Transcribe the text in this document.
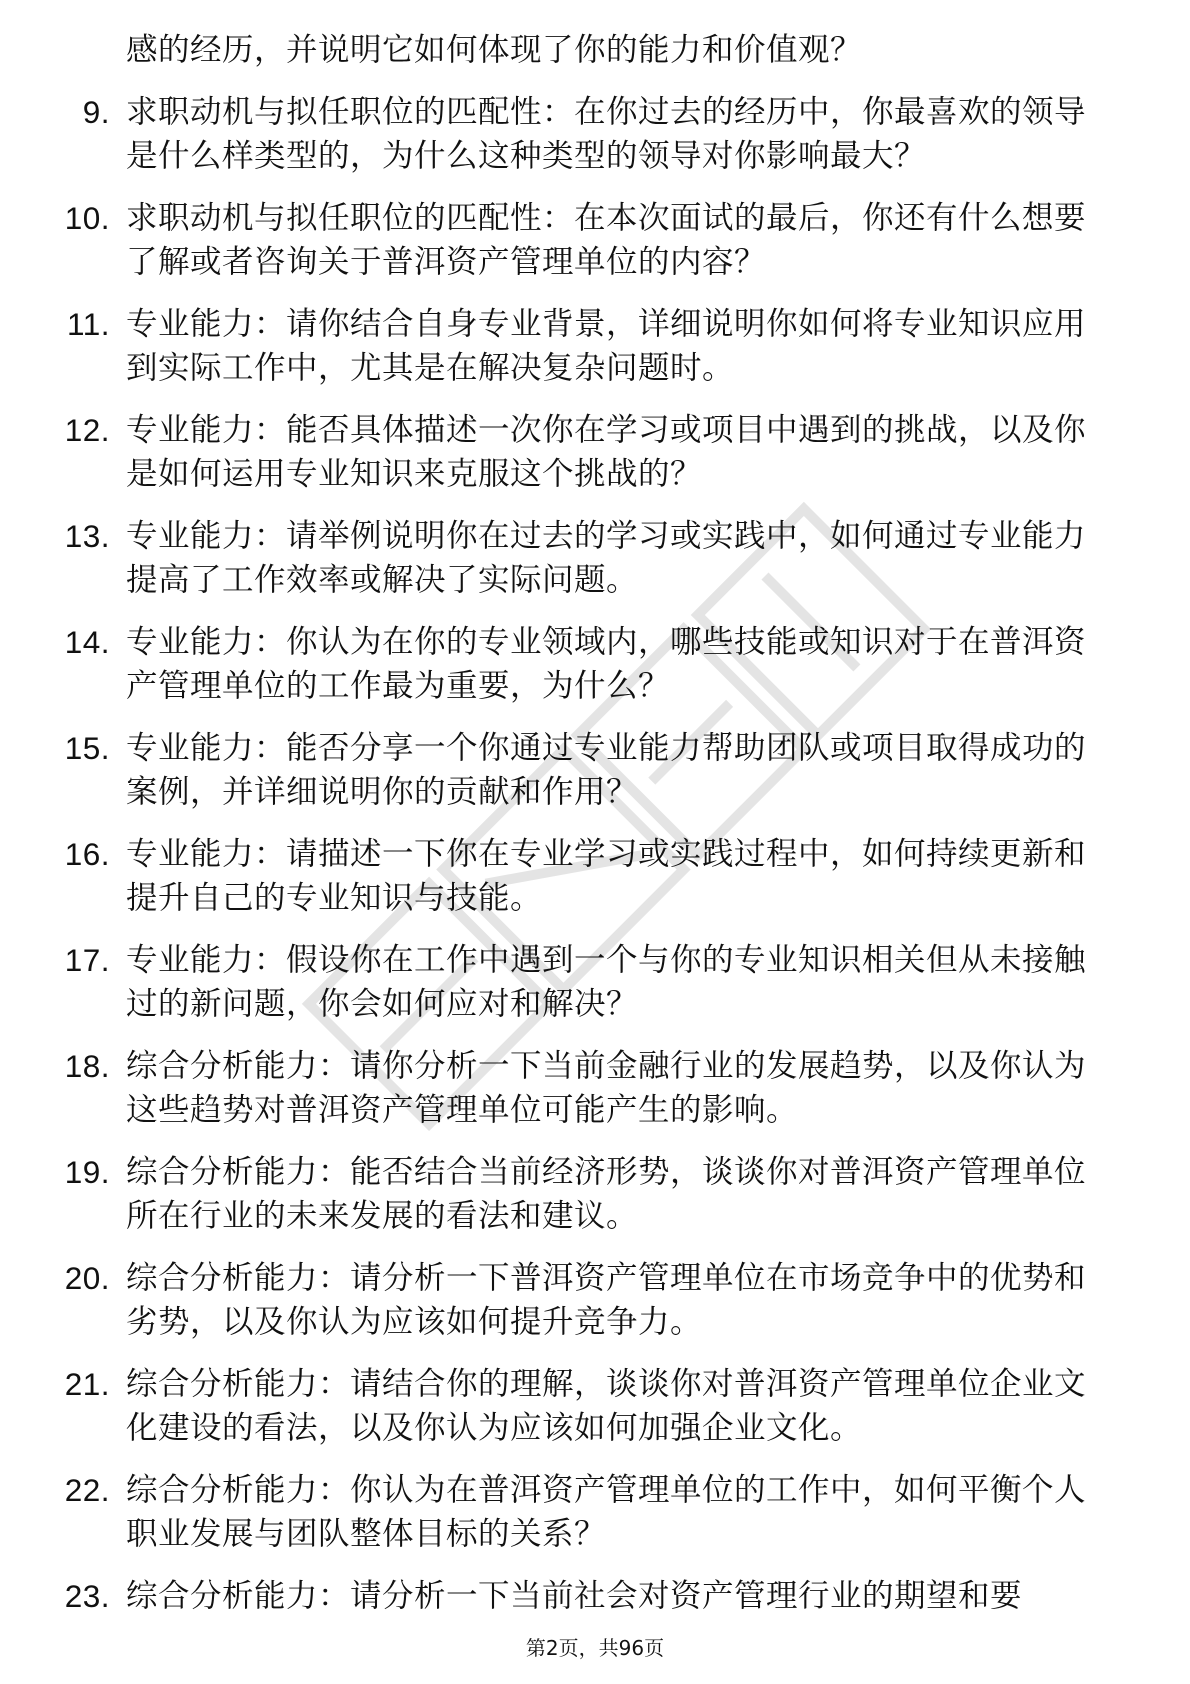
感的经历，并说明它如何体现了你的能力和价值观？
9. 求职动机与拟任职位的匹配性：在你过去的经历中，你最喜欢的领导是什么样类型的，为什么这种类型的领导对你影响最大？
10. 求职动机与拟任职位的匹配性：在本次面试的最后，你还有什么想要了解或者咨询关于普洱资产管理单位的内容？
11. 专业能力：请你结合自身专业背景，详细说明你如何将专业知识应用到实际工作中，尤其是在解决复杂问题时。
12. 专业能力：能否具体描述一次你在学习或项目中遇到的挑战，以及你是如何运用专业知识来克服这个挑战的？
13. 专业能力：请举例说明你在过去的学习或实践中，如何通过专业能力提高了工作效率或解决了实际问题。
14. 专业能力：你认为在你的专业领域内，哪些技能或知识对于在普洱资产管理单位的工作最为重要，为什么？
15. 专业能力：能否分享一个你通过专业能力帮助团队或项目取得成功的案例，并详细说明你的贡献和作用？
16. 专业能力：请描述一下你在专业学习或实践过程中，如何持续更新和提升自己的专业知识与技能。
17. 专业能力：假设你在工作中遇到一个与你的专业知识相关但从未接触过的新问题，你会如何应对和解决？
18. 综合分析能力：请你分析一下当前金融行业的发展趋势，以及你认为这些趋势对普洱资产管理单位可能产生的影响。
19. 综合分析能力：能否结合当前经济形势，谈谈你对普洱资产管理单位所在行业的未来发展的看法和建议。
20. 综合分析能力：请分析一下普洱资产管理单位在市场竞争中的优势和劣势，以及你认为应该如何提升竞争力。
21. 综合分析能力：请结合你的理解，谈谈你对普洱资产管理单位企业文化建设的看法，以及你认为应该如何加强企业文化。
22. 综合分析能力：你认为在普洱资产管理单位的工作中，如何平衡个人职业发展与团队整体目标的关系？
23. 综合分析能力：请分析一下当前社会对资产管理行业的期望和要
第2页，共96页
